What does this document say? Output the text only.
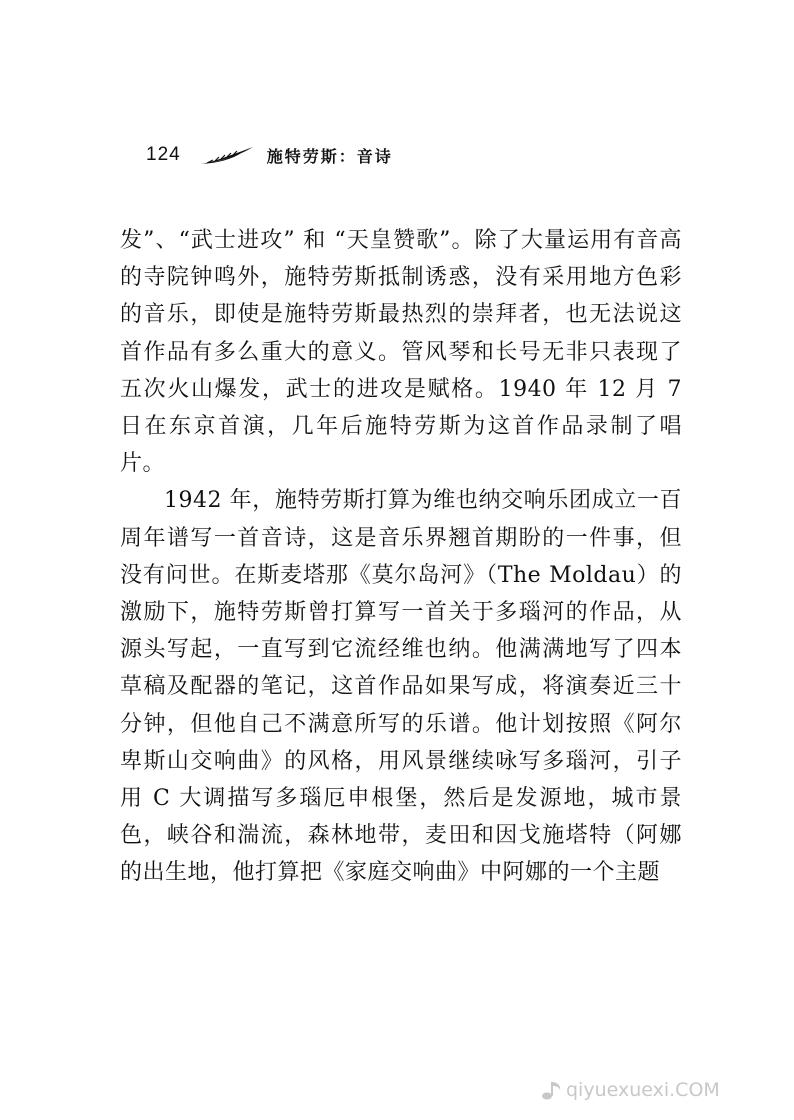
124	施特劳斯：音诗

发”、“武士进攻” 和 “天皇赞歌”。除了大量运用有音高的寺院钟鸣外，施特劳斯抵制诱惑，没有采用地方色彩的音乐，即使是施特劳斯最热烈的崇拜者，也无法说这首作品有多么重大的意义。管风琴和长号无非只表现了五次火山爆发，武士的进攻是赋格。1940 年 12 月 7 日在东京首演，几年后施特劳斯为这首作品录制了唱片。

1942 年，施特劳斯打算为维也纳交响乐团成立一百周年谱写一首音诗，这是音乐界翘首期盼的一件事，但没有问世。在斯麦塔那《莫尔岛河》（The Moldau）的激励下，施特劳斯曾打算写一首关于多瑙河的作品，从源头写起，一直写到它流经维也纳。他满满地写了四本草稿及配器的笔记，这首作品如果写成，将演奏近三十分钟，但他自己不满意所写的乐谱。他计划按照《阿尔卑斯山交响曲》的风格，用风景继续咏写多瑙河，引子用 C 大调描写多瑙厄申根堡，然后是发源地，城市景色，峡谷和湍流，森林地带，麦田和因戈施塔特（阿娜的出生地，他打算把《家庭交响曲》中阿娜的一个主题

qiyuexuexi.COM
